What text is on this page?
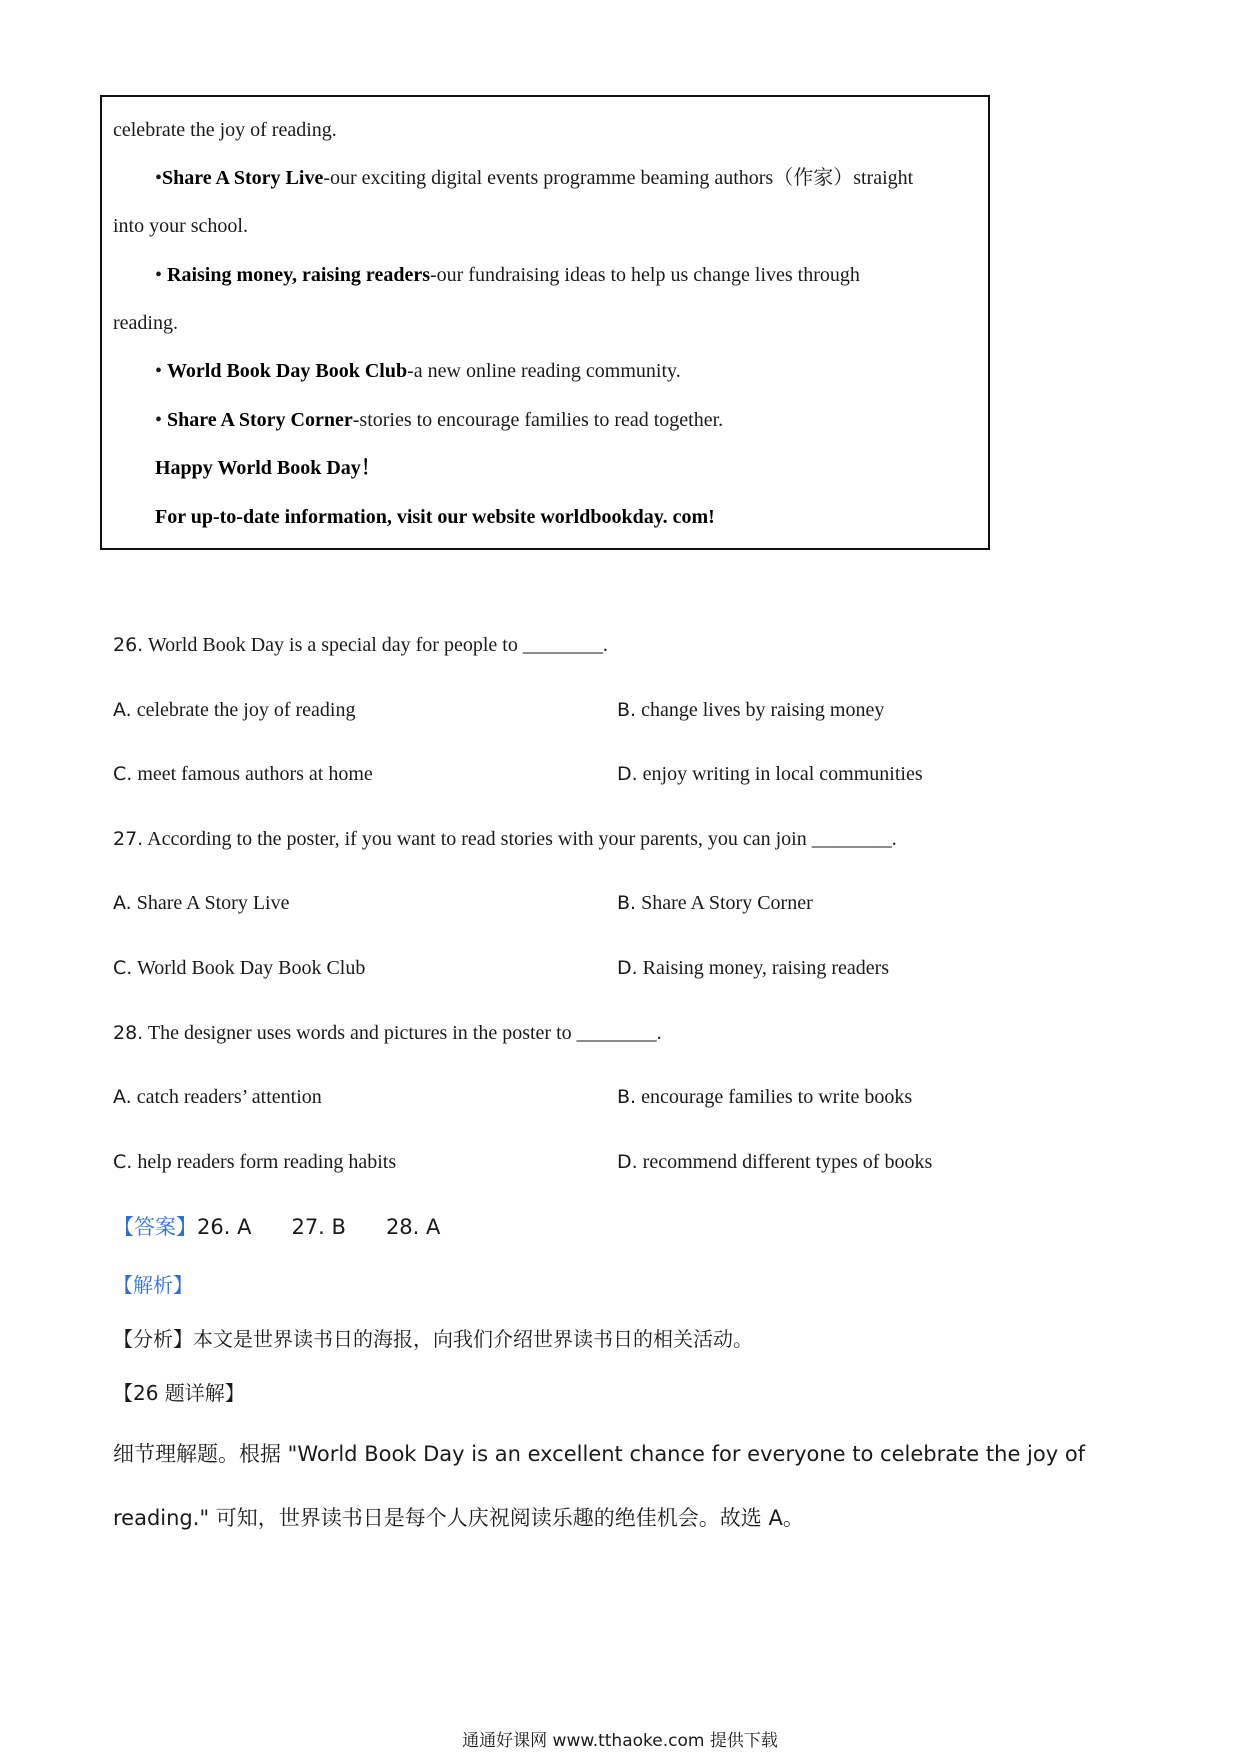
celebrate the joy of reading.
•Share A Story Live-our exciting digital events programme beaming authors（作家）straight
into your school.
• Raising money, raising readers-our fundraising ideas to help us change lives through
reading.
• World Book Day Book Club-a new online reading community.
• Share A Story Corner-stories to encourage families to read together.
Happy World Book Day！
For up-to-date information, visit our website worldbookday. com!
26. World Book Day is a special day for people to ________.
A. celebrate the joy of reading	B. change lives by raising money
C. meet famous authors at home	D. enjoy writing in local communities
27. According to the poster, if you want to read stories with your parents, you can join ________.
A. Share A Story Live	B. Share A Story Corner
C. World Book Day Book Club	D. Raising money, raising readers
28. The designer uses words and pictures in the poster to ________.
A. catch readers’ attention	B. encourage families to write books
C. help readers form reading habits	D. recommend different types of books
【答案】26. A 27. B 28. A
【解析】
【分析】本文是世界读书日的海报，向我们介绍世界读书日的相关活动。
【26 题详解】
细节理解题。根据 "World Book Day is an excellent chance for everyone to celebrate the joy of
reading." 可知，世界读书日是每个人庆祝阅读乐趣的绝佳机会。故选 A。
通通好课网 www.tthaoke.com 提供下载
